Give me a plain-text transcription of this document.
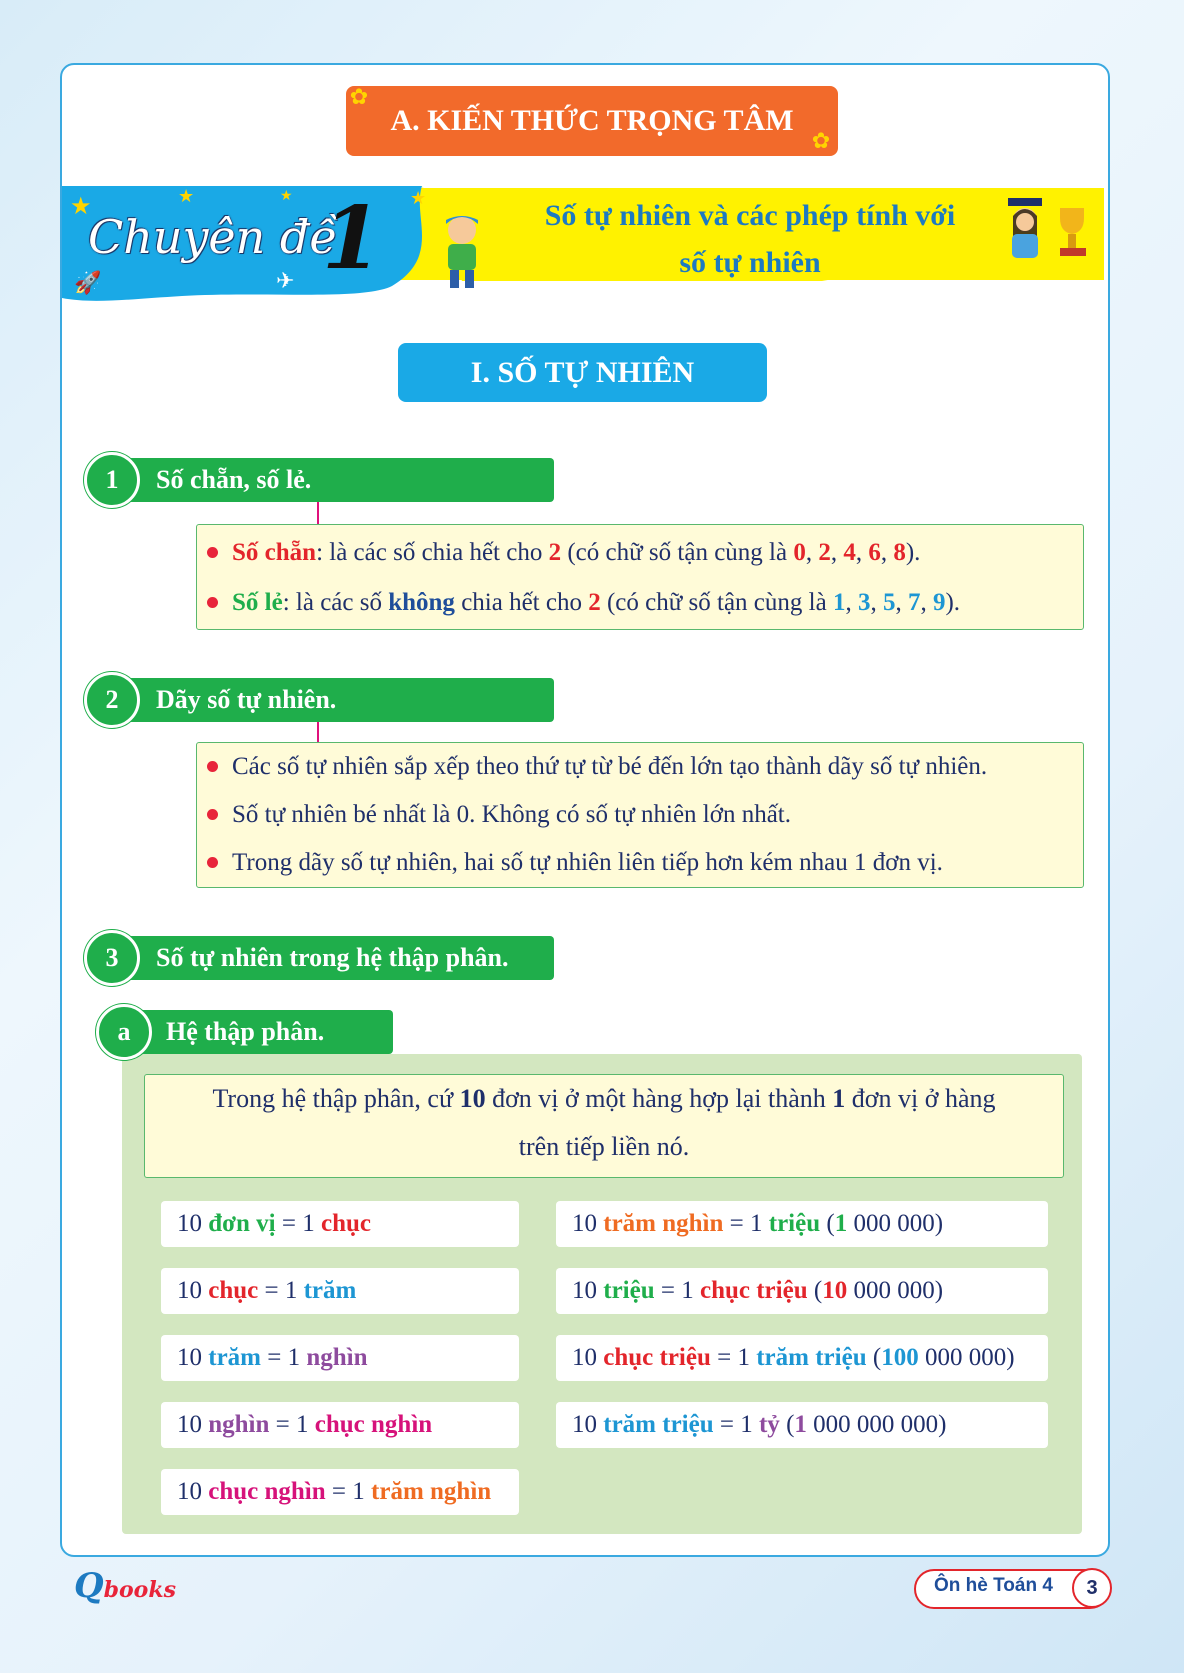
A. KIẾN THỨC TRỌNG TÂM
✿
✿
★	★	★	★
🚀	✈
Chuyên đề
1	Số tự nhiên và các phép tính với
số tự nhiên
I. SỐ TỰ NHIÊN
Số chẵn, số lẻ.
1
Số chẵn: là các số chia hết cho 2 (có chữ số tận cùng là 0, 2, 4, 6, 8).
Số lẻ: là các số không chia hết cho 2 (có chữ số tận cùng là 1, 3, 5, 7, 9).
Dãy số tự nhiên.
2
Các số tự nhiên sắp xếp theo thứ tự từ bé đến lớn tạo thành dãy số tự nhiên.
Số tự nhiên bé nhất là 0. Không có số tự nhiên lớn nhất.
Trong dãy số tự nhiên, hai số tự nhiên liên tiếp hơn kém nhau 1 đơn vị.
Số tự nhiên trong hệ thập phân.
3
Hệ thập phân.
a
Trong hệ thập phân, cứ 10 đơn vị ở một hàng hợp lại thành 1 đơn vị ở hàng
trên tiếp liền nó.
10 đơn vị = 1 chục
10 chục = 1 trăm
10 trăm = 1 nghìn
10 nghìn = 1 chục nghìn
10 chục nghìn = 1 trăm nghìn
10 trăm nghìn = 1 triệu (1 000 000)
10 triệu = 1 chục triệu (10 000 000)
10 chục triệu = 1 trăm triệu (100 000 000)
10 trăm triệu = 1 tỷ (1 000 000 000)
Qbooks	Ôn hè Toán 4	3
